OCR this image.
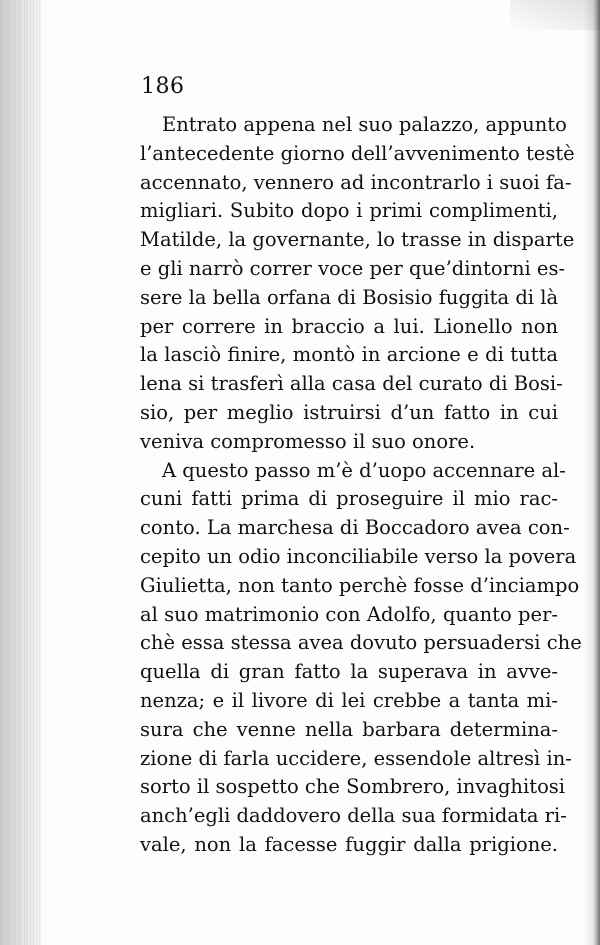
186
Entrato appena nel suo palazzo, appunto
l’antecedente giorno dell’avvenimento testè
accennato, vennero ad incontrarlo i suoi fa-
migliari. Subito dopo i primi complimenti,
Matilde, la governante, lo trasse in disparte
e gli narrò correr voce per que’dintorni es-
sere la bella orfana di Bosisio fuggita di là
per correre in braccio a lui. Lionello non
la lasciò finire, montò in arcione e di tutta
lena si trasferì alla casa del curato di Bosi-
sio, per meglio istruirsi d’un fatto in cui
veniva compromesso il suo onore.
A questo passo m’è d’uopo accennare al-
cuni fatti prima di proseguire il mio rac-
conto. La marchesa di Boccadoro avea con-
cepito un odio inconciliabile verso la povera
Giulietta, non tanto perchè fosse d’inciampo
al suo matrimonio con Adolfo, quanto per-
chè essa stessa avea dovuto persuadersi che
quella di gran fatto la superava in avve-
nenza; e il livore di lei crebbe a tanta mi-
sura che venne nella barbara determina-
zione di farla uccidere, essendole altresì in-
sorto il sospetto che Sombrero, invaghitosi
anch’egli daddovero della sua formidata ri-
vale, non la facesse fuggir dalla prigione.
